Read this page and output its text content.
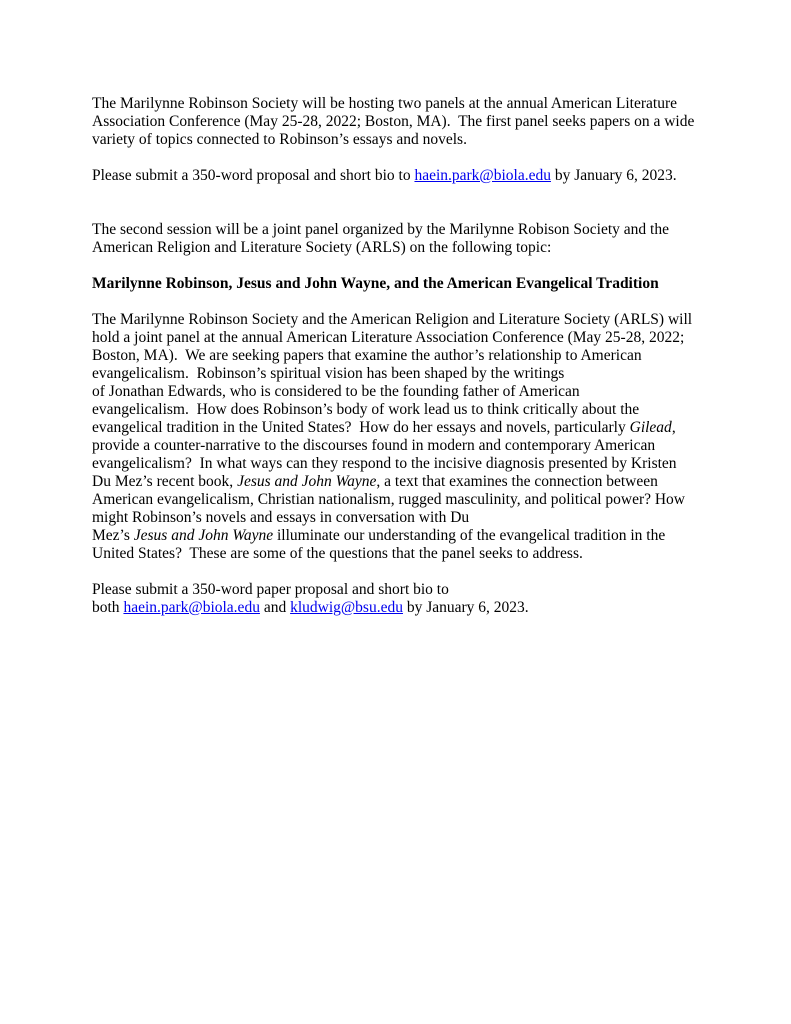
The Marilynne Robinson Society will be hosting two panels at the annual American Literature
Association Conference (May 25-28, 2022; Boston, MA).  The first panel seeks papers on a wide
variety of topics connected to Robinson’s essays and novels.
Please submit a 350-word proposal and short bio to haein.park@biola.edu by January 6, 2023.
The second session will be a joint panel organized by the Marilynne Robison Society and the
American Religion and Literature Society (ARLS) on the following topic:
Marilynne Robinson, Jesus and John Wayne, and the American Evangelical Tradition
The Marilynne Robinson Society and the American Religion and Literature Society (ARLS) will
hold a joint panel at the annual American Literature Association Conference (May 25-28, 2022;
Boston, MA).  We are seeking papers that examine the author’s relationship to American
evangelicalism.  Robinson’s spiritual vision has been shaped by the writings
of Jonathan Edwards, who is considered to be the founding father of American
evangelicalism.  How does Robinson’s body of work lead us to think critically about the
evangelical tradition in the United States?  How do her essays and novels, particularly Gilead,
provide a counter-narrative to the discourses found in modern and contemporary American
evangelicalism?  In what ways can they respond to the incisive diagnosis presented by Kristen
Du Mez’s recent book, Jesus and John Wayne, a text that examines the connection between
American evangelicalism, Christian nationalism, rugged masculinity, and political power? How
might Robinson’s novels and essays in conversation with Du
Mez’s Jesus and John Wayne illuminate our understanding of the evangelical tradition in the
United States?  These are some of the questions that the panel seeks to address.
Please submit a 350-word paper proposal and short bio to
both haein.park@biola.edu and kludwig@bsu.edu by January 6, 2023.
